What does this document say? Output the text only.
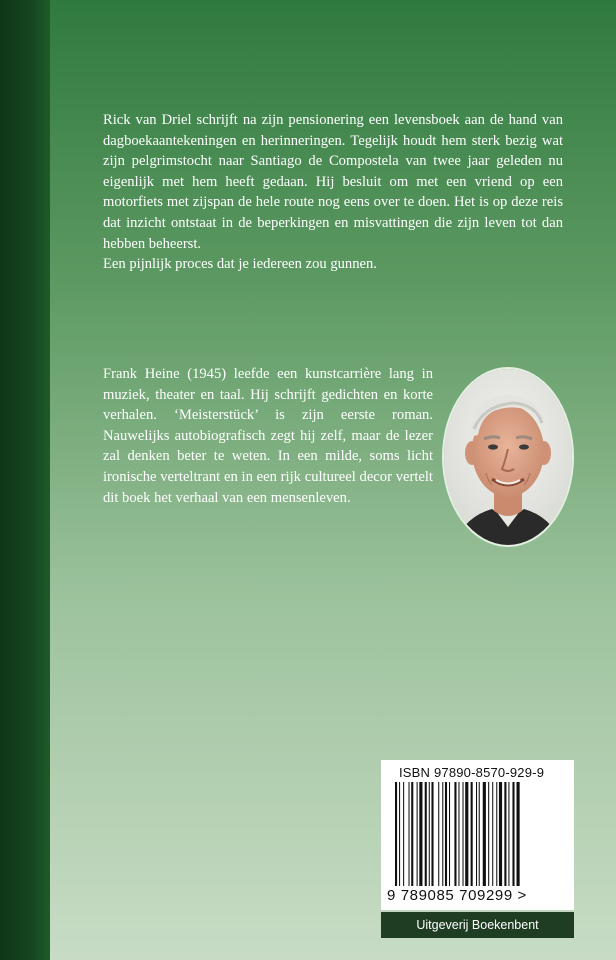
Rick van Driel schrijft na zijn pensionering een levensboek aan de hand van dagboekaantekeningen en herinneringen. Tegelijk houdt hem sterk bezig wat zijn pelgrimstocht naar Santiago de Compostela van twee jaar geleden nu eigenlijk met hem heeft gedaan. Hij besluit om met een vriend op een motorfiets met zijspan de hele route nog eens over te doen. Het is op deze reis dat inzicht ontstaat in de beperkingen en misvattingen die zijn leven tot dan hebben beheerst.

Een pijnlijk proces dat je iedereen zou gunnen.

Frank Heine (1945) leefde een kunstcarrière lang in muziek, theater en taal. Hij schrijft gedichten en korte verhalen. ‘Meisterstück’ is zijn eerste roman. Nauwelijks autobiografisch zegt hij zelf, maar de lezer zal denken beter te weten. In een milde, soms licht ironische verteltrant en in een rijk cultureel decor vertelt dit boek het verhaal van een mensenleven.

ISBN 97890-8570-929-9
9 789085 709299 >
Uitgeverij Boekenbent
